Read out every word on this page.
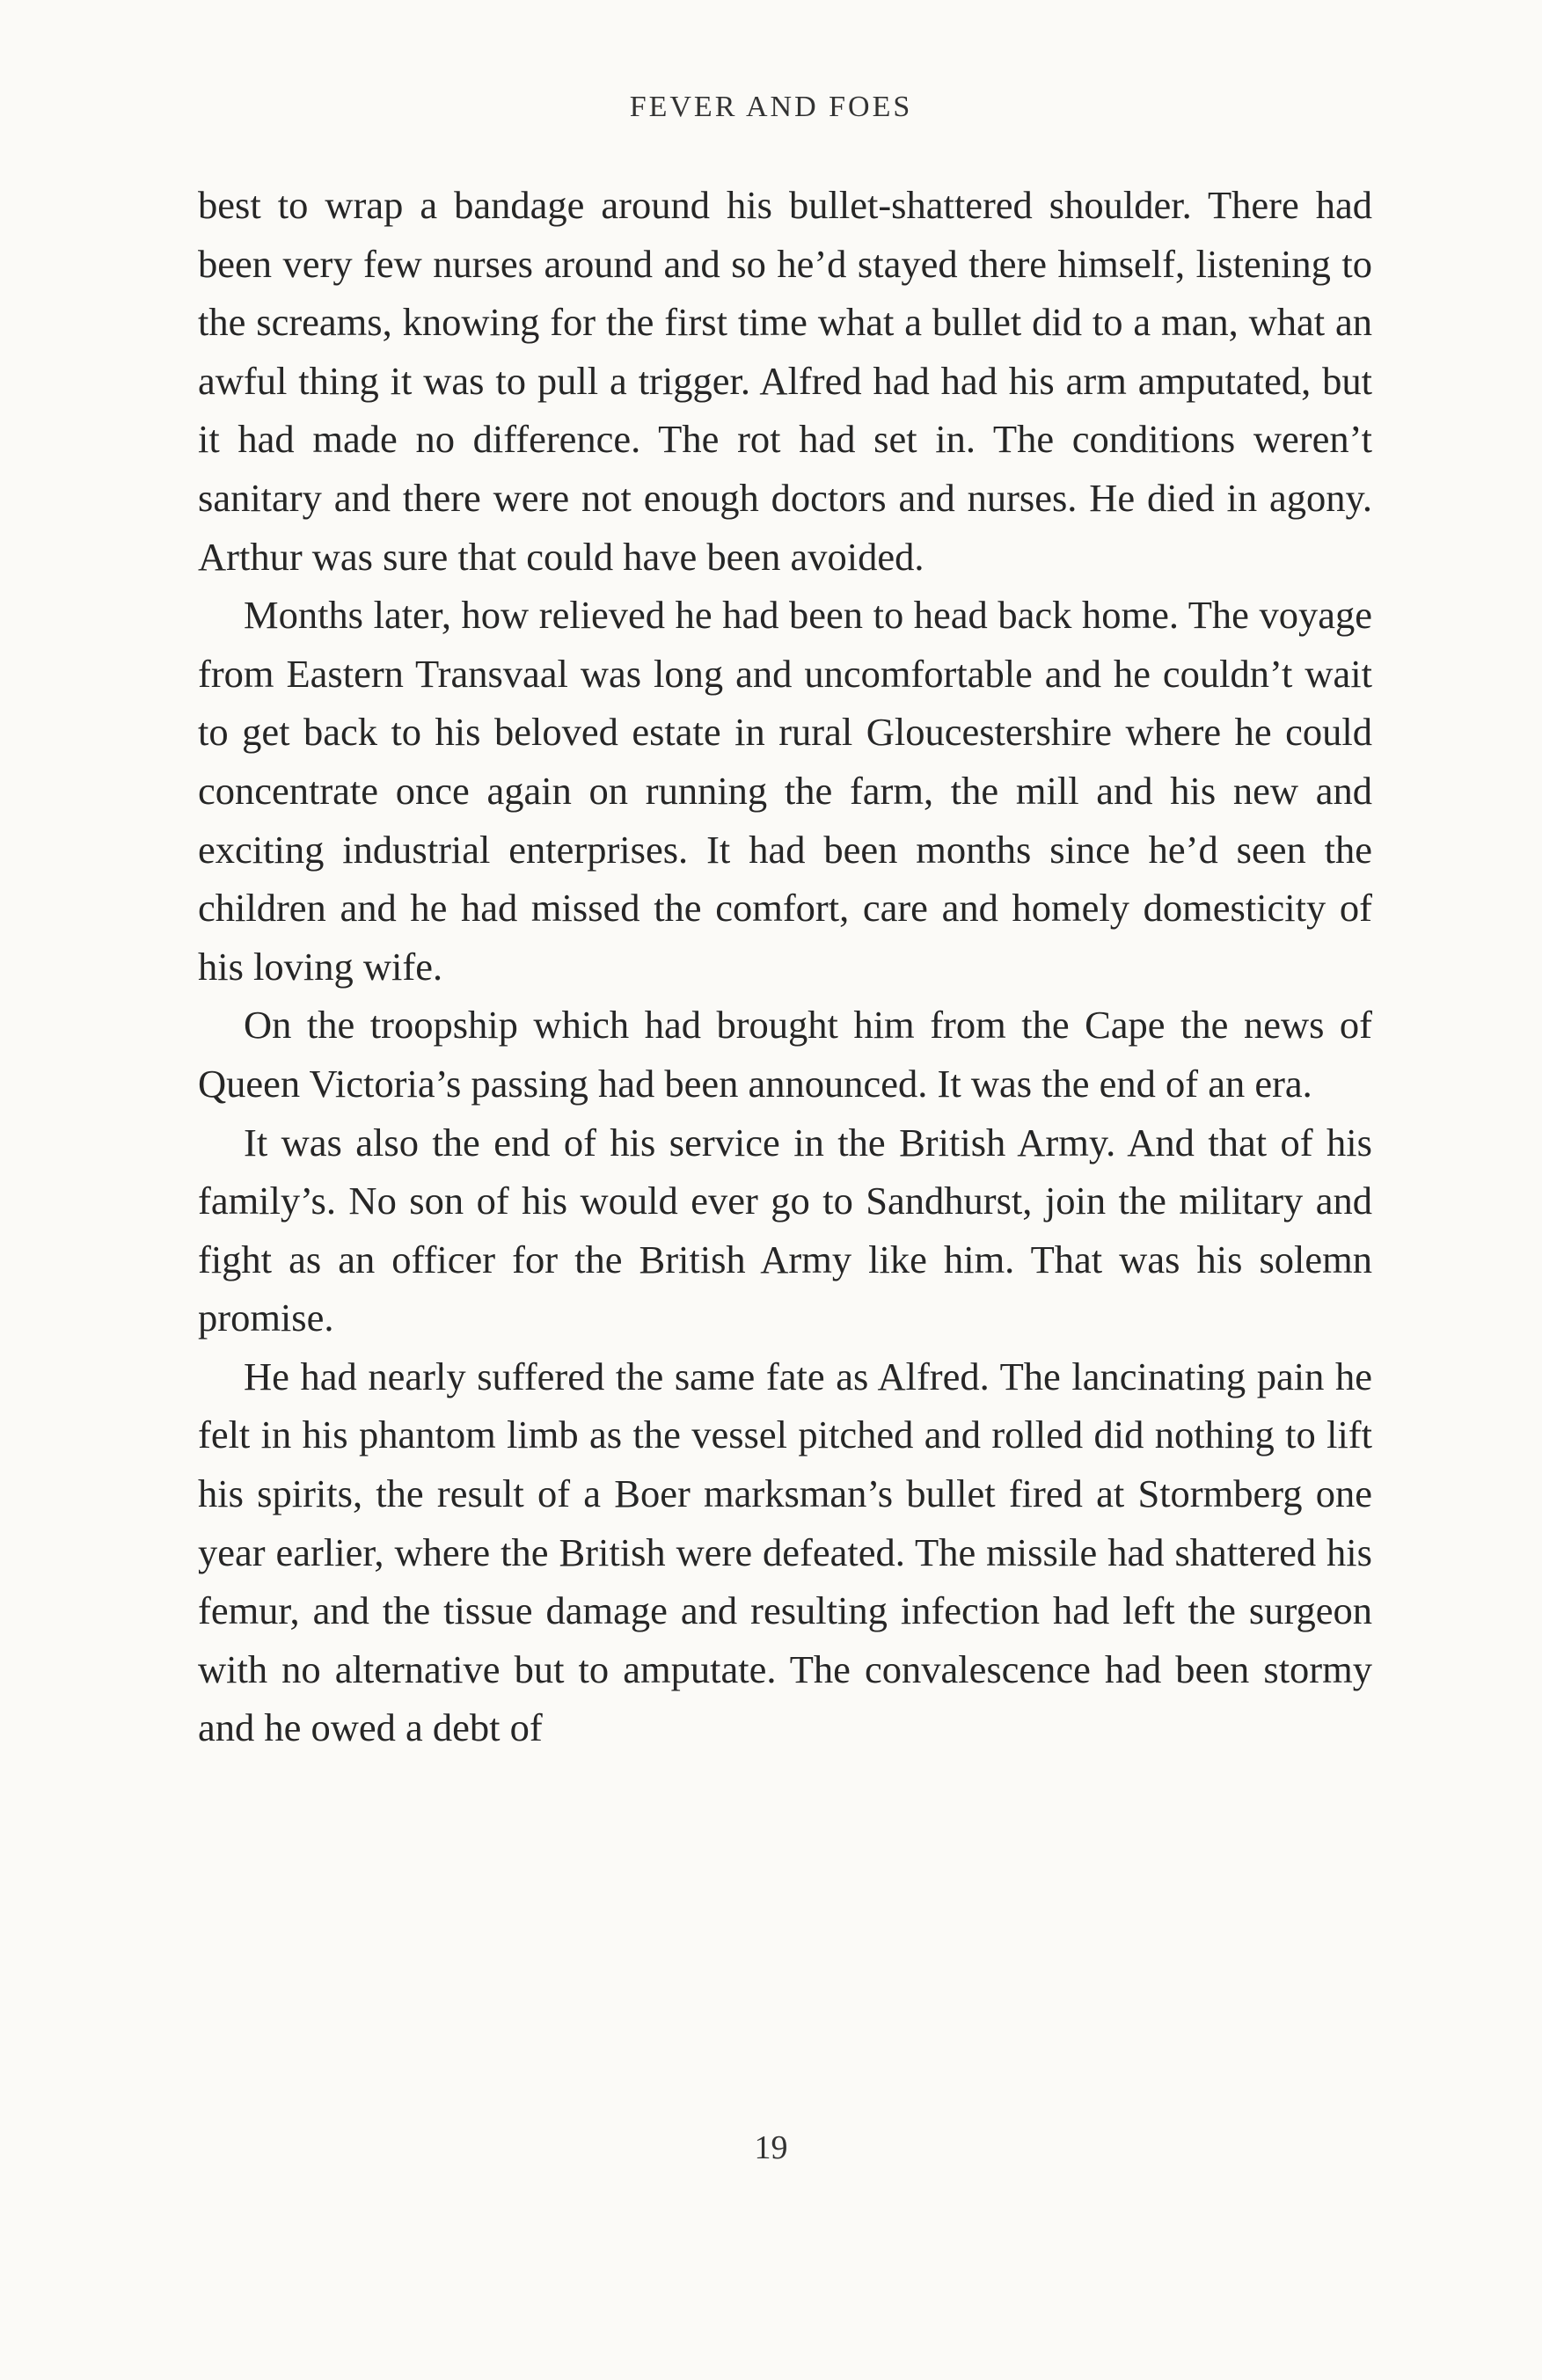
FEVER AND FOES

best to wrap a bandage around his bullet-shattered shoulder. There had been very few nurses around and so he’d stayed there himself, listening to the screams, knowing for the first time what a bullet did to a man, what an awful thing it was to pull a trigger. Alfred had had his arm amputated, but it had made no difference. The rot had set in. The conditions weren’t sanitary and there were not enough doctors and nurses. He died in agony. Arthur was sure that could have been avoided.

Months later, how relieved he had been to head back home. The voyage from Eastern Transvaal was long and uncomfortable and he couldn’t wait to get back to his beloved estate in rural Gloucestershire where he could concentrate once again on running the farm, the mill and his new and exciting industrial enterprises. It had been months since he’d seen the children and he had missed the comfort, care and homely domesticity of his loving wife.

On the troopship which had brought him from the Cape the news of Queen Victoria’s passing had been announced. It was the end of an era.

It was also the end of his service in the British Army. And that of his family’s. No son of his would ever go to Sandhurst, join the military and fight as an officer for the British Army like him. That was his solemn promise.

He had nearly suffered the same fate as Alfred. The lancinating pain he felt in his phantom limb as the vessel pitched and rolled did nothing to lift his spirits, the result of a Boer marksman’s bullet fired at Stormberg one year earlier, where the British were defeated. The missile had shattered his femur, and the tissue damage and resulting infection had left the surgeon with no alternative but to amputate. The convalescence had been stormy and he owed a debt of

19
